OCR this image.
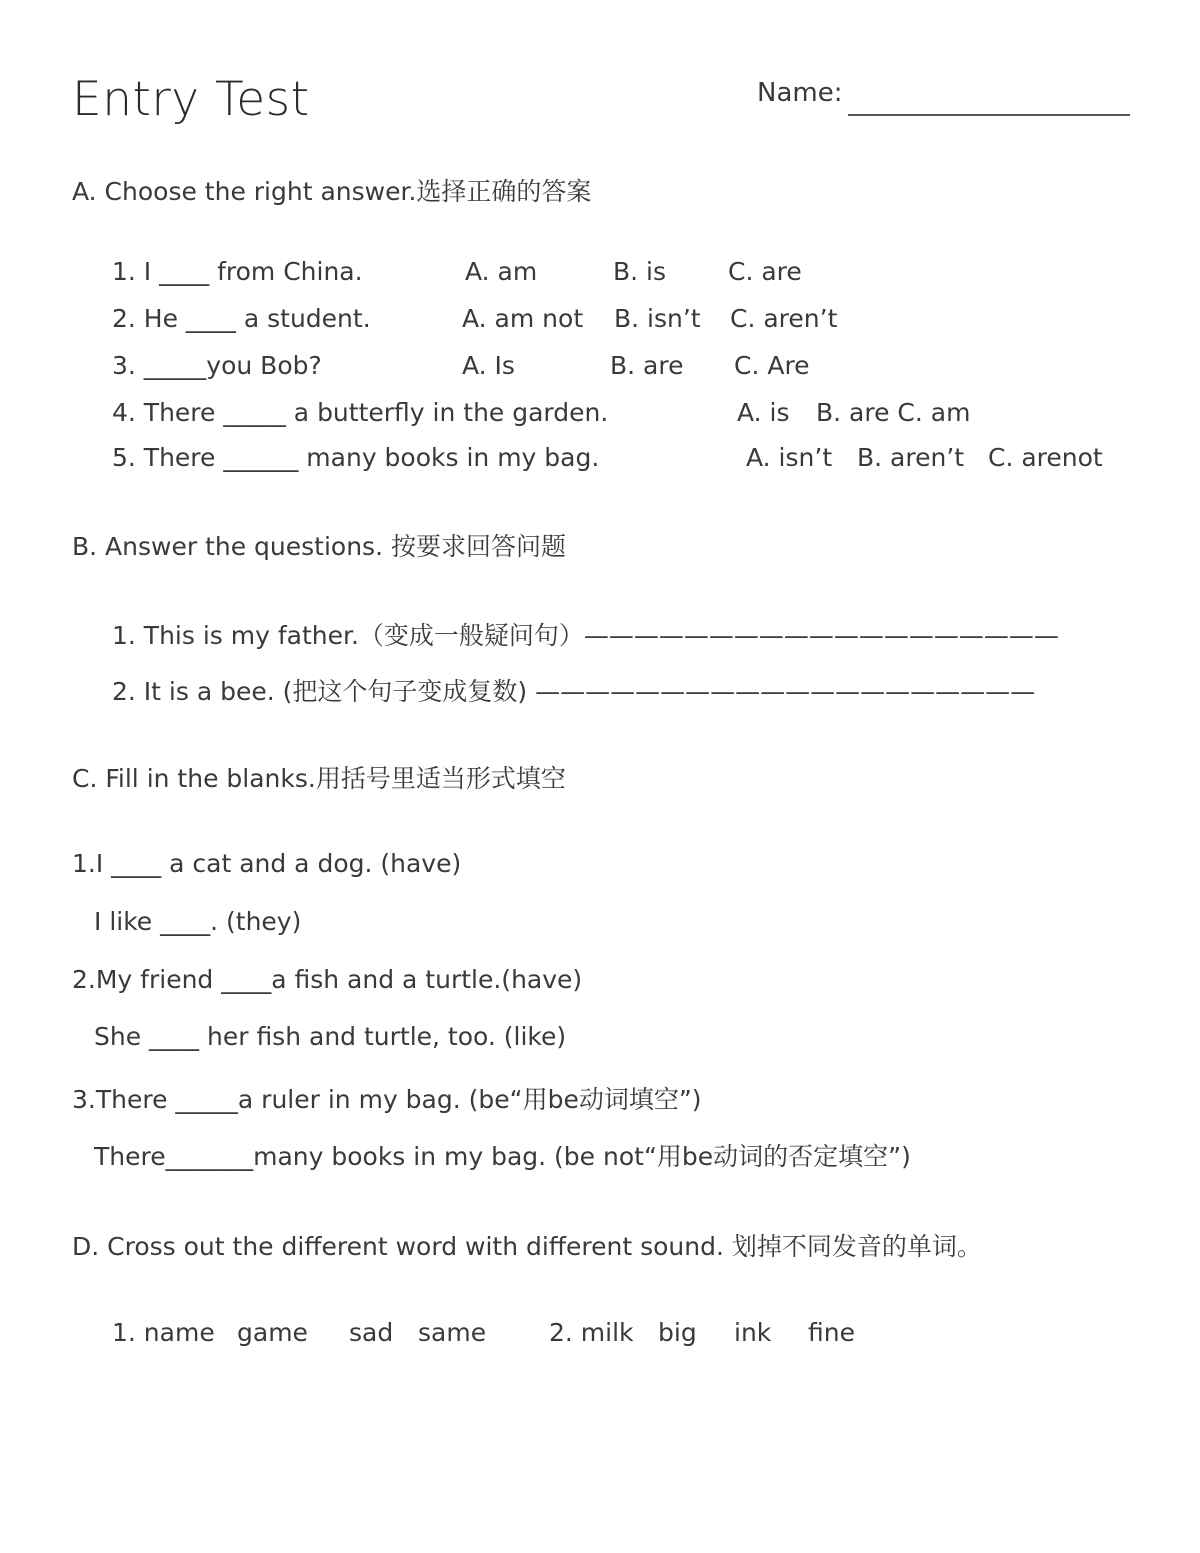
Entry Test	Name:
A. Choose the right answer.选择正确的答案
1. I ____ from China.	A. am	B. is C. are
2. He ____ a student.	A. am not B. isn’t C. aren’t
3. _____you Bob?	A. Is	B. are C. Are
4. There _____ a butterfly in the garden.	A. is B. are C. am
5. There ______ many books in my bag.	A. isn’t B. aren’t C. arenot
B. Answer the questions. 按要求回答问题
1. This is my father.（变成一般疑问句）———————————————————
2. It is a bee. (把这个句子变成复数) ————————————————————
C. Fill in the blanks.用括号里适当形式填空
1.I ____ a cat and a dog. (have)
I like ____. (they)
2.My friend ____a fish and a turtle.(have)
She ____ her fish and turtle, too. (like)
3.There _____a ruler in my bag. (be“用be动词填空”)
There_______many books in my bag. (be not“用be动词的否定填空”)
D. Cross out the different word with different sound. 划掉不同发音的单词。
1. name game sad same	2. milk big ink fine
